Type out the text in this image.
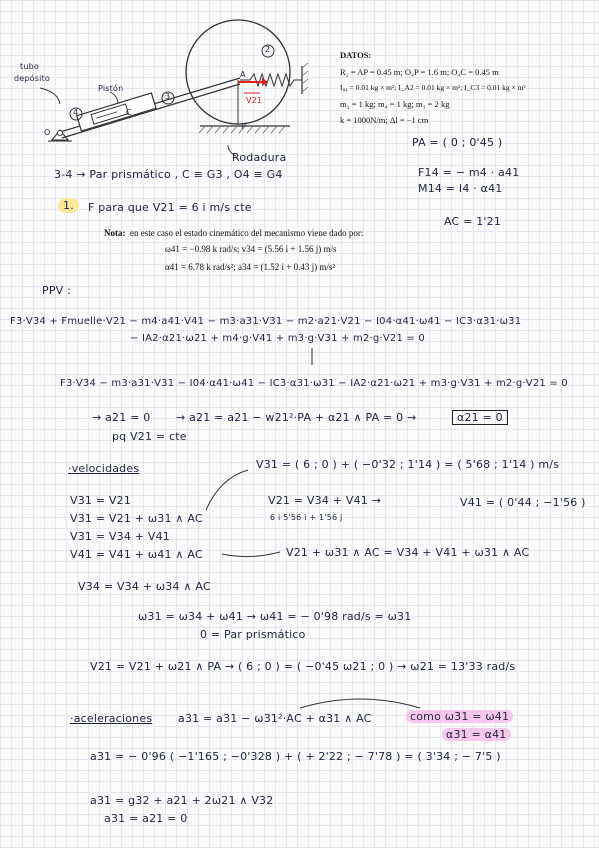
tubo
depósito
Pistón
2
3
4
A
P
C
O
V21
Rodadura
DATOS:
R₂ = AP = 0.45 m; O₄P = 1.6 m; O₄C = 0.45 m
I₀₄ = 0.01 kg × m²; I_A2 = 0.01 kg × m²; I_C3 = 0.01 kg × m²
m₂ = 1 kg; m₄ = 1 kg; m₃ = 2 kg
k = 1000N/m; Δl = −1 cm
PA = ( 0 ; 0'45 )
F14 = − m4 · a41
M14 = I4 · α41
3-4 → Par prismático , C ≡ G3 , O4 ≡ G4
1.	F para que V21 = 6 i m/s cte
AC = 1'21
Nota: en este caso el estado cinemático del mecanismo viene dado por:
ω41 = −0.98 k rad/s; v34 = (5.56 i + 1.56 j) m/s
α41 = 6.78 k rad/s²; a34 = (1.52 i + 0.43 j) m/s²
PPV :
F3·V34 + Fmuelle·V21 − m4·a41·V41 − m3·a31·V31 − m2·a21·V21 − I04·α41·ω41 − IC3·α31·ω31
− IA2·α21·ω21 + m4·g·V41 + m3·g·V31 + m2·g·V21 = 0
F3·V34 − m3·a31·V31 − I04·α41·ω41 − IC3·α31·ω31 − IA2·α21·ω21 + m3·g·V31 + m2·g·V21 = 0
→ a21 = 0 → a21 = a21 − w21²·PA + α21 ∧ PA = 0 →	α21 = 0
pq V21 = cte
·velocidades	V31 = ( 6 ; 0 ) + ( −0'32 ; 1'14 ) = ( 5'68 ; 1'14 ) m/s
V31 = V21
V31 = V21 + ω31 ∧ AC
V31 = V34 + V41
V41 = V41 + ω41 ∧ AC
V21 = V34 + V41 →
6 i 5'56 i + 1'56 j
V41 = ( 0'44 ; −1'56 )
V21 + ω31 ∧ AC = V34 + V41 + ω31 ∧ AC
V34 = V34 + ω34 ∧ AC
ω31 = ω34 + ω41 → ω41 = − 0'98 rad/s = ω31
0 = Par prismático
V21 = V21 + ω21 ∧ PA → ( 6 ; 0 ) = ( −0'45 ω21 ; 0 ) → ω21 = 13'33 rad/s
·aceleraciones a31 = a31 − ω31²·AC + α31 ∧ AC	como ω31 = ω41
α31 = α41
a31 = − 0'96 ( −1'165 ; −0'328 ) + ( + 2'22 ; − 7'78 ) = ( 3'34 ; − 7'5 )
a31 = g32 + a21 + 2ω21 ∧ V32
a31 = a21 = 0
